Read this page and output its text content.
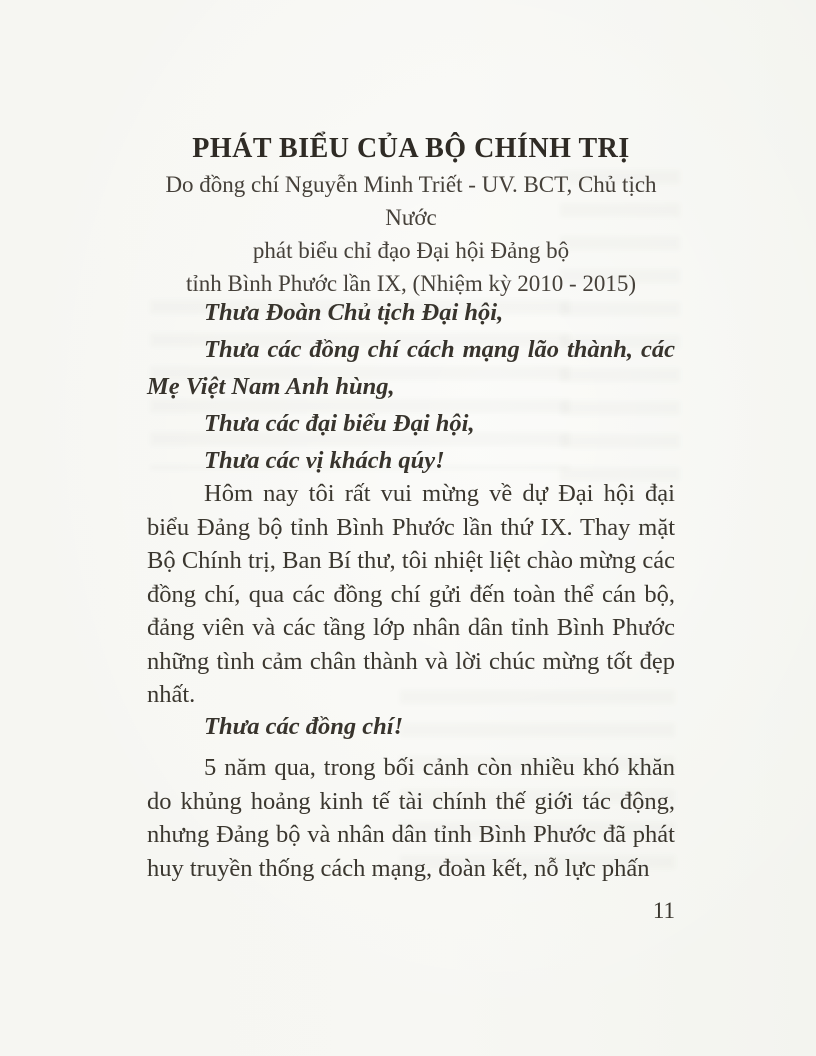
PHÁT BIỂU CỦA BỘ CHÍNH TRỊ
Do đồng chí Nguyễn Minh Triết - UV. BCT, Chủ tịch Nước
phát biểu chỉ đạo Đại hội Đảng bộ
tỉnh Bình Phước lần IX, (Nhiệm kỳ 2010 - 2015)

Thưa Đoàn Chủ tịch Đại hội,

Thưa các đồng chí cách mạng lão thành, các Mẹ Việt Nam Anh hùng,

Thưa các đại biểu Đại hội,

Thưa các vị khách qúy!

Hôm nay tôi rất vui mừng về dự Đại hội đại biểu Đảng bộ tỉnh Bình Phước lần thứ IX. Thay mặt Bộ Chính trị, Ban Bí thư, tôi nhiệt liệt chào mừng các đồng chí, qua các đồng chí gửi đến toàn thể cán bộ, đảng viên và các tầng lớp nhân dân tỉnh Bình Phước những tình cảm chân thành và lời chúc mừng tốt đẹp nhất.

Thưa các đồng chí!

5 năm qua, trong bối cảnh còn nhiều khó khăn do khủng hoảng kinh tế tài chính thế giới tác động, nhưng Đảng bộ và nhân dân tỉnh Bình Phước đã phát huy truyền thống cách mạng, đoàn kết, nỗ lực phấn

11
